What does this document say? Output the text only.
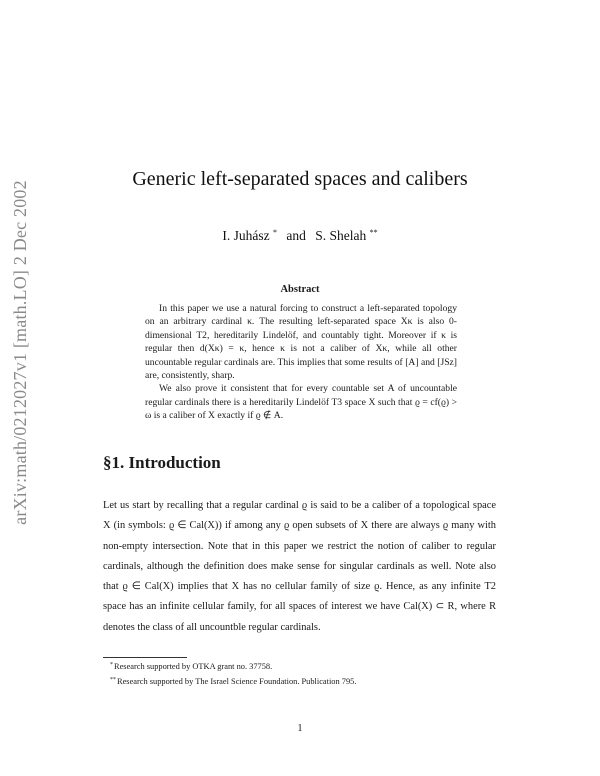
arXiv:math/0212027v1 [math.LO] 2 Dec 2002
Generic left-separated spaces and calibers
I. Juhász * and S. Shelah **
Abstract

In this paper we use a natural forcing to construct a left-separated topology on an arbitrary cardinal κ. The resulting left-separated space Xκ is also 0-dimensional T2, hereditarily Lindelöf, and countably tight. Moreover if κ is regular then d(Xκ) = κ, hence κ is not a caliber of Xκ, while all other uncountable regular cardinals are. This implies that some results of [A] and [JSz] are, consistently, sharp.

We also prove it consistent that for every countable set A of uncountable regular cardinals there is a hereditarily Lindelöf T3 space X such that ϱ = cf(ϱ) > ω is a caliber of X exactly if ϱ ∉ A.

§1. Introduction

Let us start by recalling that a regular cardinal ϱ is said to be a caliber of a topological space X (in symbols: ϱ ∈ Cal(X)) if among any ϱ open subsets of X there are always ϱ many with non-empty intersection. Note that in this paper we restrict the notion of caliber to regular cardinals, although the definition does make sense for singular cardinals as well. Note also that ϱ ∈ Cal(X) implies that X has no cellular family of size ϱ. Hence, as any infinite T2 space has an infinite cellular family, for all spaces of interest we have Cal(X) ⊂ R, where R denotes the class of all uncountble regular cardinals.

*Research supported by OTKA grant no. 37758.
**Research supported by The Israel Science Foundation. Publication 795.
1
